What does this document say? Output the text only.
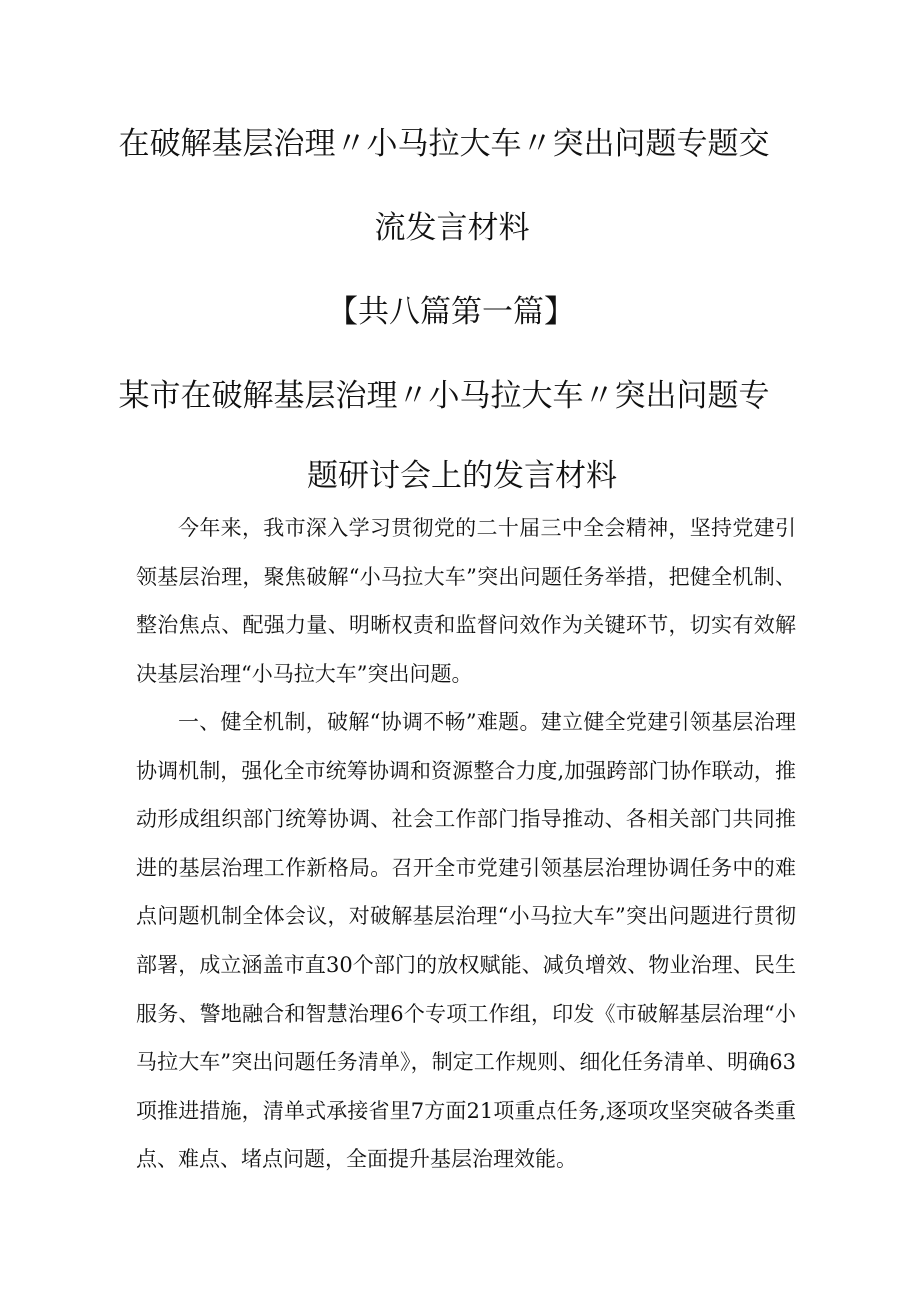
在破解基层治理〃小马拉大车〃突出问题专题交
流发言材料
【共八篇第一篇】
某市在破解基层治理〃小马拉大车〃突出问题专
题研讨会上的发言材料

今年来，我市深入学习贯彻党的二十届三中全会精神，坚持党建引领基层治理，聚焦破解“小马拉大车”突出问题任务举措，把健全机制、整治焦点、配强力量、明晰权责和监督问效作为关键环节，切实有效解决基层治理“小马拉大车”突出问题。

一、健全机制，破解“协调不畅”难题。建立健全党建引领基层治理协调机制，强化全市统筹协调和资源整合力度,加强跨部门协作联动，推动形成组织部门统筹协调、社会工作部门指导推动、各相关部门共同推进的基层治理工作新格局。召开全市党建引领基层治理协调任务中的难点问题机制全体会议，对破解基层治理“小马拉大车”突出问题进行贯彻部署，成立涵盖市直30个部门的放权赋能、减负增效、物业治理、民生服务、警地融合和智慧治理6个专项工作组，印发《市破解基层治理“小马拉大车”突出问题任务清单》，制定工作规则、细化任务清单、明确63项推进措施，清单式承接省里7方面21项重点任务,逐项攻坚突破各类重点、难点、堵点问题，全面提升基层治理效能。
